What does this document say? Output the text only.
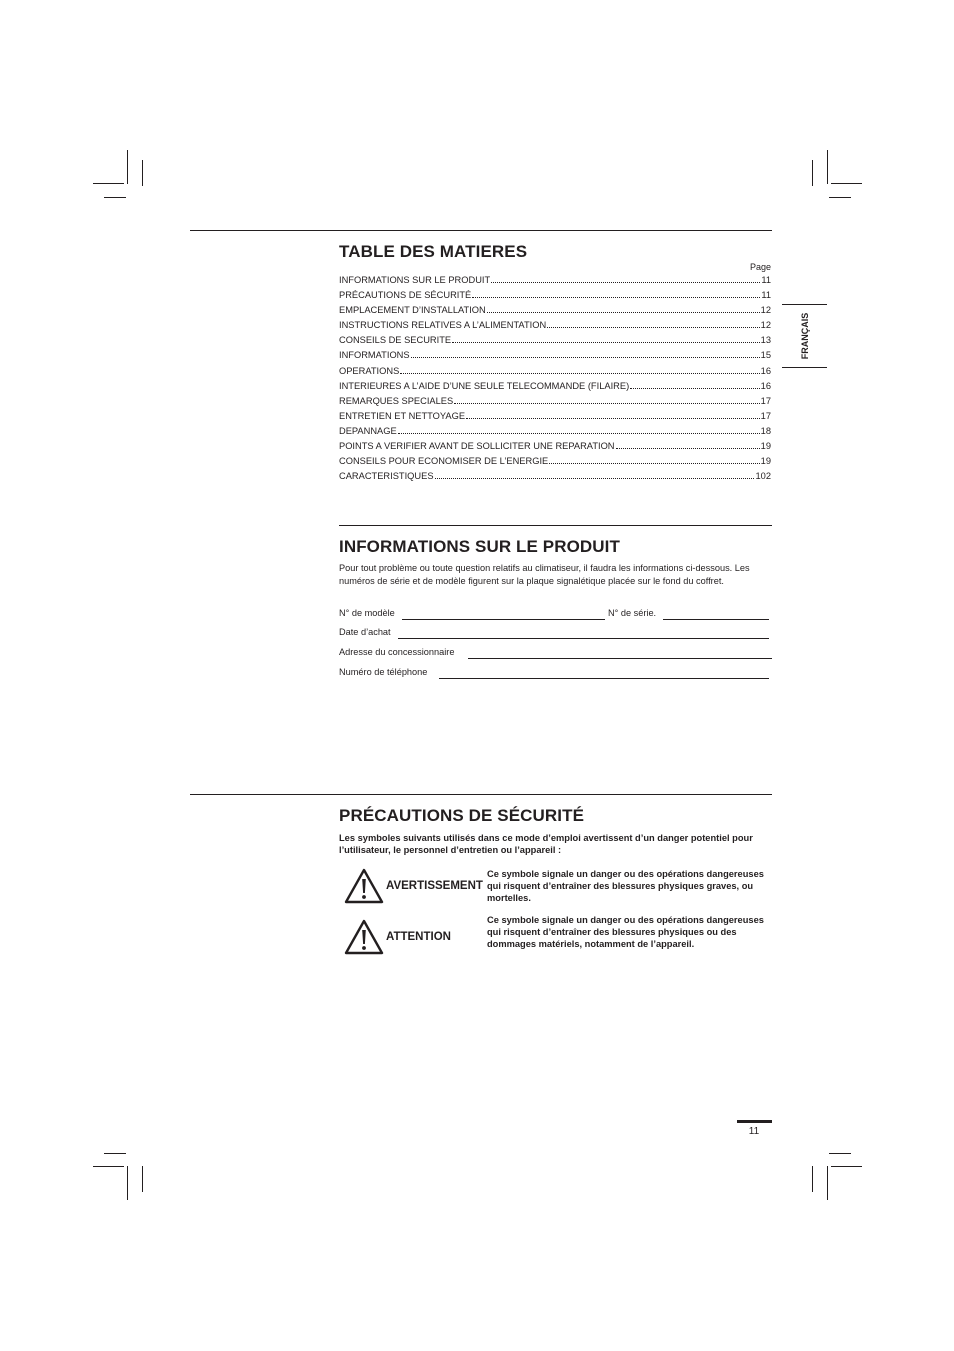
FRANÇAIS
TABLE DES MATIERES
Page
INFORMATIONS SUR LE PRODUIT	11
PRÉCAUTIONS DE SÉCURITÉ	11
EMPLACEMENT D’INSTALLATION	12
INSTRUCTIONS RELATIVES A L’ALIMENTATION	12
CONSEILS DE SECURITE	13
INFORMATIONS	15
OPERATIONS	16
INTERIEURES A L’AIDE D’UNE SEULE TELECOMMANDE (FILAIRE)	16
REMARQUES SPECIALES	17
ENTRETIEN ET NETTOYAGE	17
DEPANNAGE	18
POINTS A VERIFIER AVANT DE SOLLICITER UNE REPARATION	19
CONSEILS POUR ECONOMISER DE L’ENERGIE	19
CARACTERISTIQUES	102
INFORMATIONS SUR LE PRODUIT
Pour tout problème ou toute question relatifs au climatiseur, il faudra les informations ci-dessous. Les numéros de série et de modèle figurent sur la plaque signalétique placée sur le fond du coffret.
N° de modèle	N° de série.
Date d’achat
Adresse du concessionnaire
Numéro de téléphone
PRÉCAUTIONS DE SÉCURITÉ
Les symboles suivants utilisés dans ce mode d’emploi avertissent d’un danger potentiel pour l’utilisateur, le personnel d’entretien ou l’appareil :
AVERTISSEMENT
Ce symbole signale un danger ou des opérations dangereuses qui risquent d’entraîner des blessures physiques graves, ou mortelles.
ATTENTION
Ce symbole signale un danger ou des opérations dangereuses qui risquent d’entraîner des blessures physiques ou des dommages matériels, notamment de l’appareil.
11
